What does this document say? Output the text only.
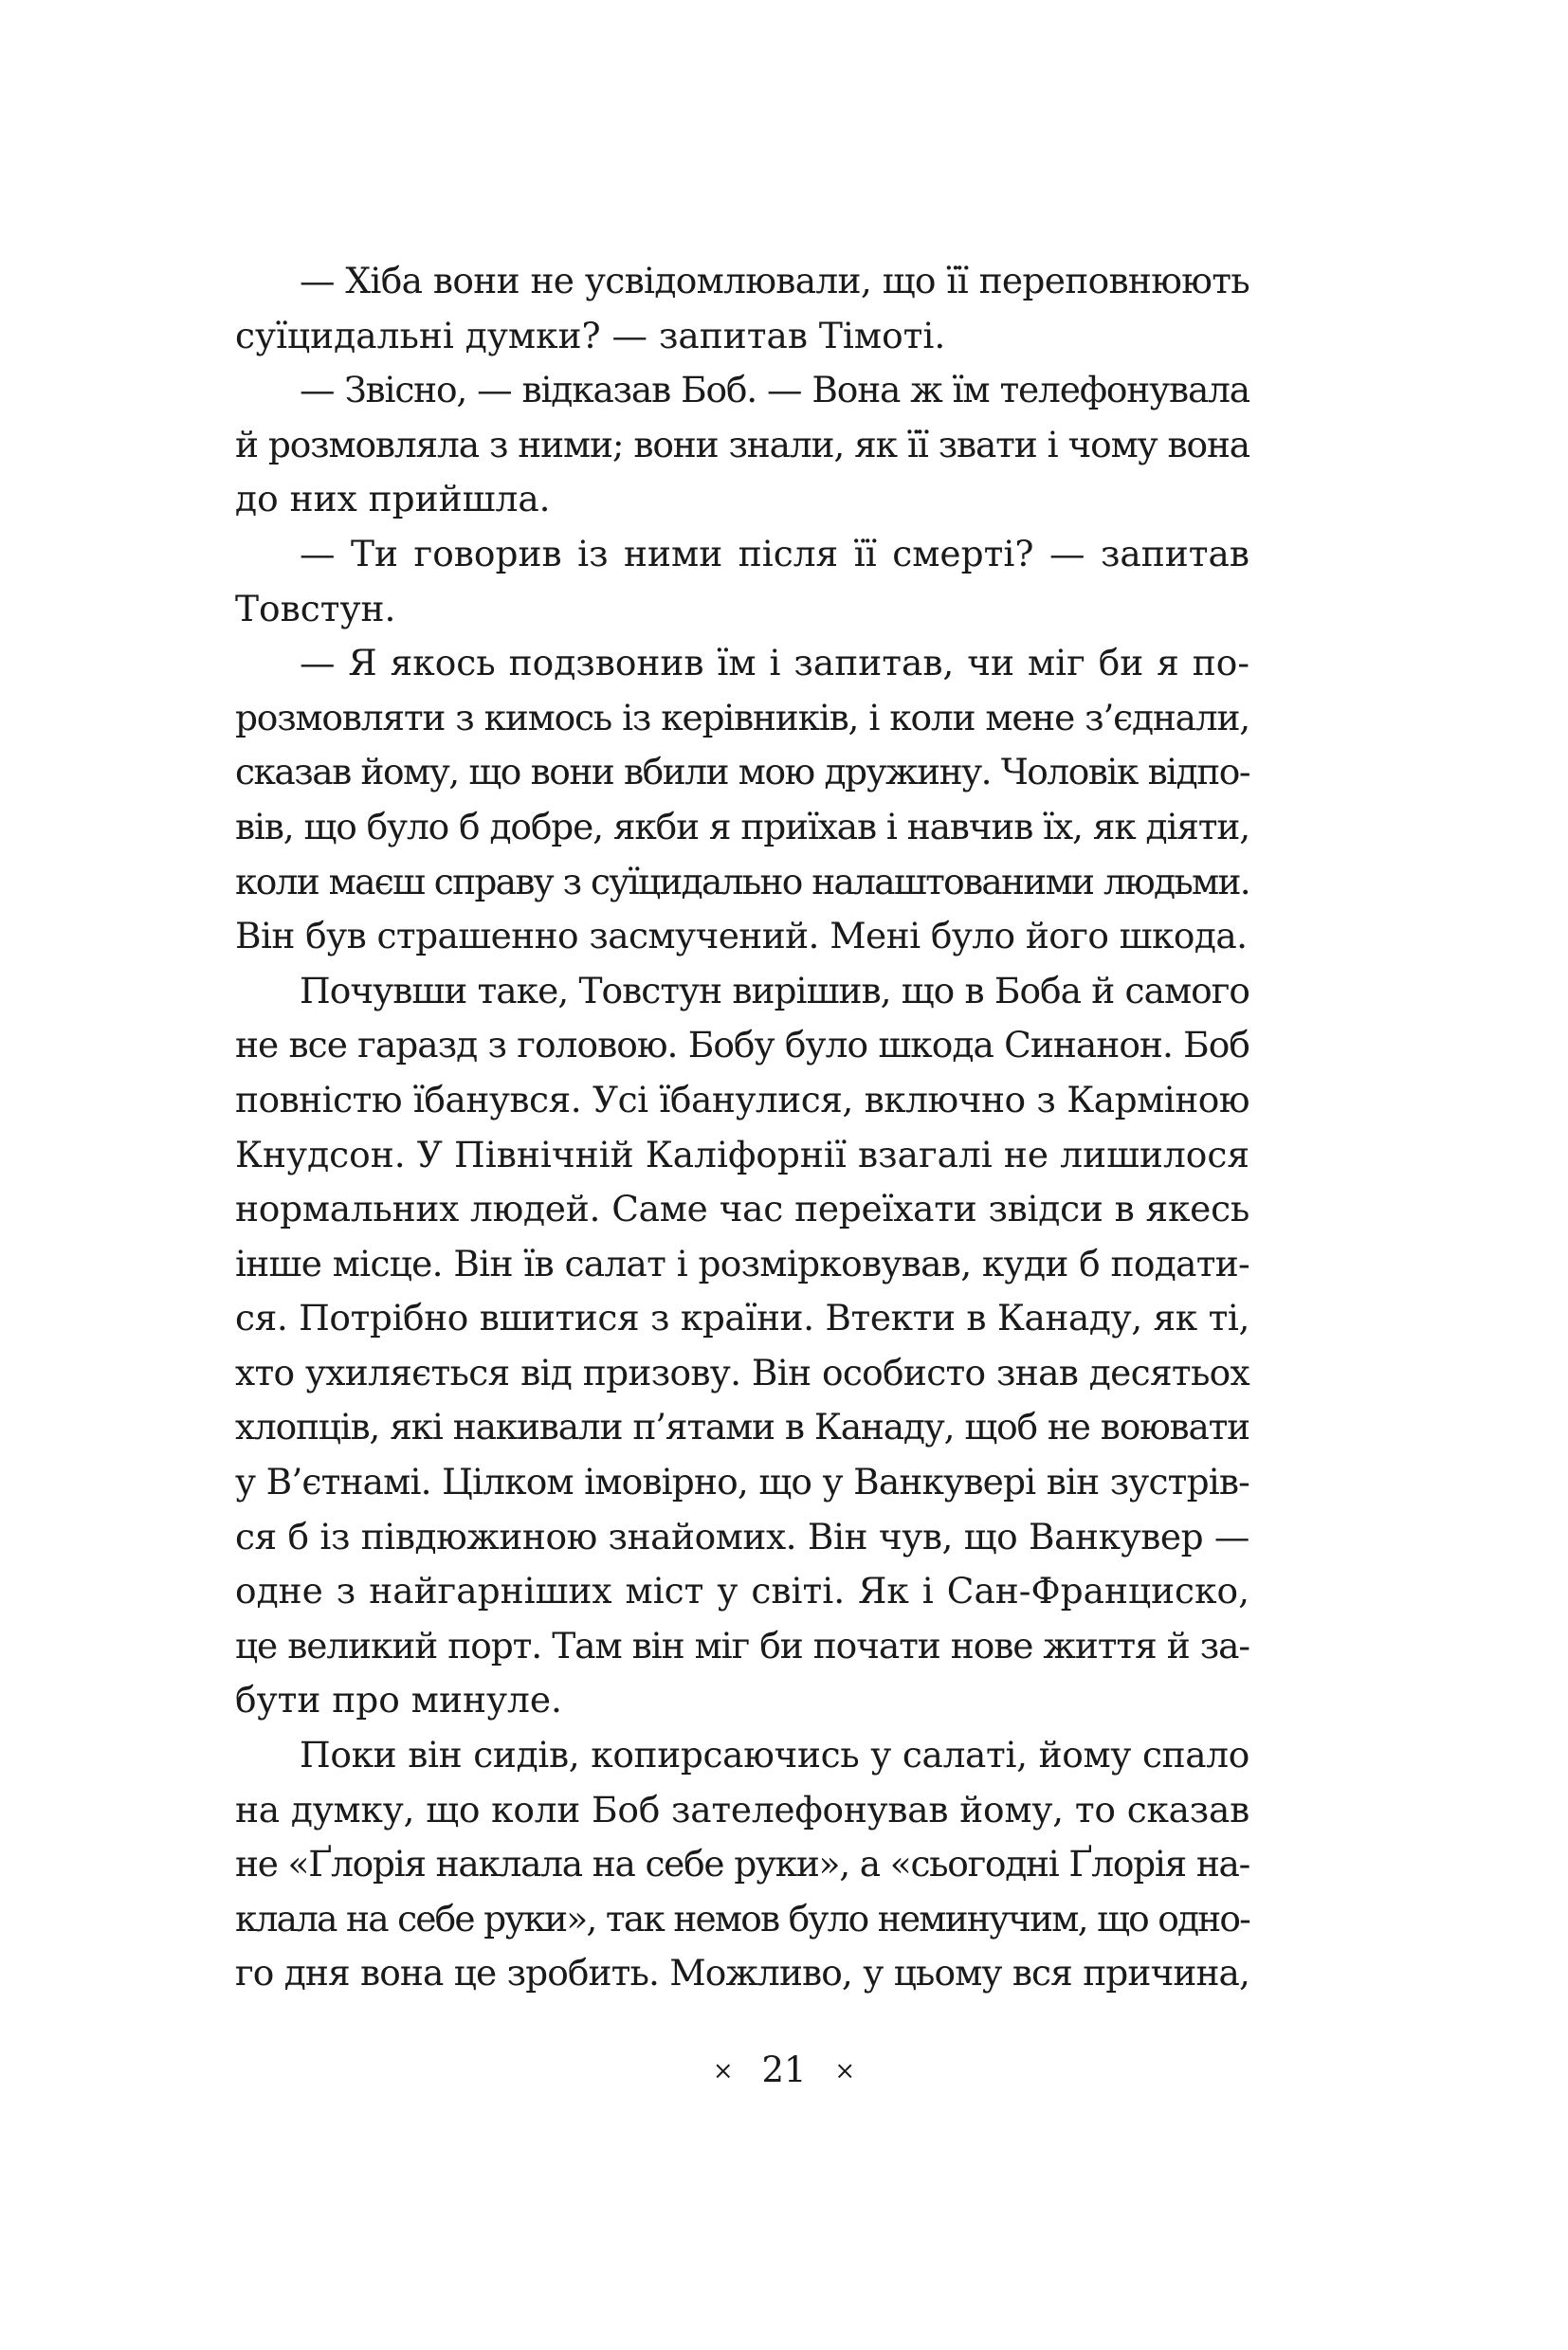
— Хіба вони не усвідомлювали, що її переповнюють
суїцидальні думки? — запитав Тімоті.
— Звісно, — відказав Боб. — Вона ж їм телефонувала
й розмовляла з ними; вони знали, як її звати і чому вона
до них прийшла.
— Ти говорив із ними після її смерті? — запитав
Товстун.
— Я якось подзвонив їм і запитав, чи міг би я по-
розмовляти з кимось із керівників, і коли мене з’єднали,
сказав йому, що вони вбили мою дружину. Чоловік відпо-
вів, що було б добре, якби я приїхав і навчив їх, як діяти,
коли маєш справу з суїцидально налаштованими людьми.
Він був страшенно засмучений. Мені було його шкода.
Почувши таке, Товстун вирішив, що в Боба й самого
не все гаразд з головою. Бобу було шкода Синанон. Боб
повністю їбанувся. Усі їбанулися, включно з Карміною
Кнудсон. У Північній Каліфорнії взагалі не лишилося
нормальних людей. Саме час переїхати звідси в якесь
інше місце. Він їв салат і розмірковував, куди б подати-
ся. Потрібно вшитися з країни. Втекти в Канаду, як ті,
хто ухиляється від призову. Він особисто знав десятьох
хлопців, які накивали п’ятами в Канаду, щоб не воювати
у В’єтнамі. Цілком імовірно, що у Ванкувері він зустрів-
ся б із півдюжиною знайомих. Він чув, що Ванкувер —
одне з найгарніших міст у світі. Як і Сан-Франциско,
це великий порт. Там він міг би почати нове життя й за-
бути про минуле.
Поки він сидів, копирсаючись у салаті, йому спало
на думку, що коли Боб зателефонував йому, то сказав
не «Ґлорія наклала на себе руки», а «сьогодні Ґлорія на-
клала на себе руки», так немов було неминучим, що одно-
го дня вона це зробить. Можливо, у цьому вся причина,
× 21 ×
